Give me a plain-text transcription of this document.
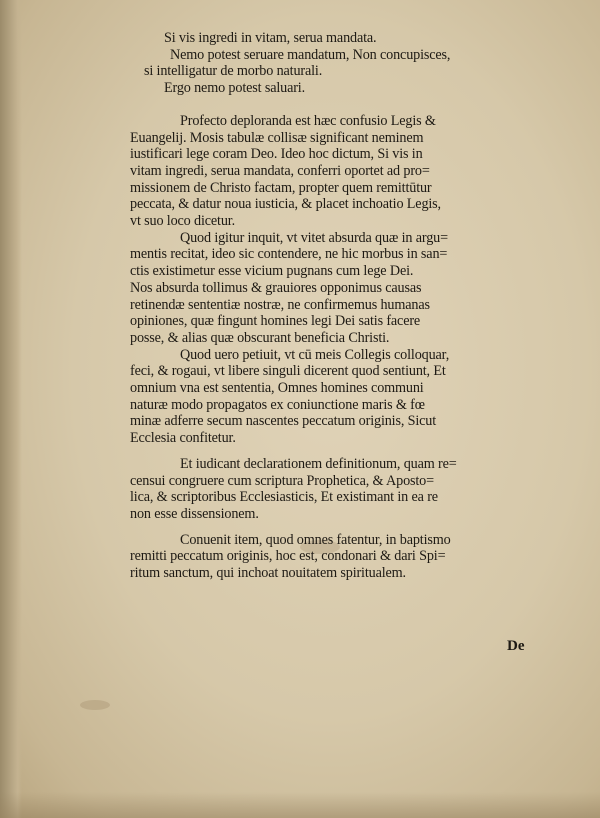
Si vis ingredi in vitam, serua mandata.
Nemo potest seruare mandatum, Non concupisces,
si intelligatur de morbo naturali.
Ergo nemo potest saluari.
Profecto deploranda est hæc confusio Legis &
Euangelij. Mosis tabulæ collisæ significant neminem
iustificari lege coram Deo. Ideo hoc dictum, Si vis in
vitam ingredi, serua mandata, conferri oportet ad pro=
missionem de Christo factam, propter quem remittūtur
peccata, & datur noua iusticia, & placet inchoatio Legis,
vt suo loco dicetur.
Quod igitur inquit, vt vitet absurda quæ in argu=
mentis recitat, ideo sic contendere, ne hic morbus in san=
ctis existimetur esse vicium pugnans cum lege Dei.
Nos absurda tollimus & grauiores opponimus causas
retinendæ sententiæ nostræ, ne confirmemus humanas
opiniones, quæ fingunt homines legi Dei satis facere
posse, & alias quæ obscurant beneficia Christi.
Quod uero petiuit, vt cū meis Collegis colloquar,
feci, & rogaui, vt libere singuli dicerent quod sentiunt, Et
omnium vna est sententia, Omnes homines communi
naturæ modo propagatos ex coniunctione maris & fœ
minæ adferre secum nascentes peccatum originis, Sicut
Ecclesia confitetur.
Et iudicant declarationem definitionum, quam re=
censui congruere cum scriptura Prophetica, & Aposto=
lica, & scriptoribus Ecclesiasticis, Et existimant in ea re
non esse dissensionem.
Conuenit item, quod omnes fatentur, in baptismo
remitti peccatum originis, hoc est, condonari & dari Spi=
ritum sanctum, qui inchoat nouitatem spiritualem.
De
